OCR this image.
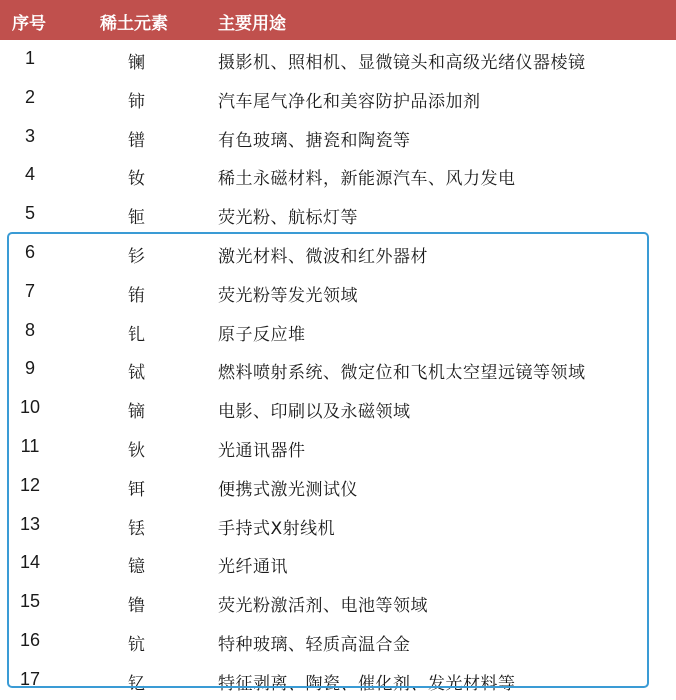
序号	稀土元素	主要用途
1	镧	摄影机、照相机、显微镜头和高级光绪仪器棱镜
2	铈	汽车尾气净化和美容防护品添加剂
3	镨	有色玻璃、搪瓷和陶瓷等
4	钕	稀土永磁材料，新能源汽车、风力发电
5	钷	荧光粉、航标灯等
6	钐	激光材料、微波和红外器材
7	铕	荧光粉等发光领域
8	钆	原子反应堆
9	铽	燃料喷射系统、微定位和飞机太空望远镜等领域
10	镝	电影、印刷以及永磁领域
11	钬	光通讯器件
12	铒	便携式激光测试仪
13	铥	手持式X射线机
14	镱	光纤通讯
15	镥	荧光粉激活剂、电池等领域
16	钪	特种玻璃、轻质高温合金
17	钇	特征剥离、陶瓷、催化剂、发光材料等
